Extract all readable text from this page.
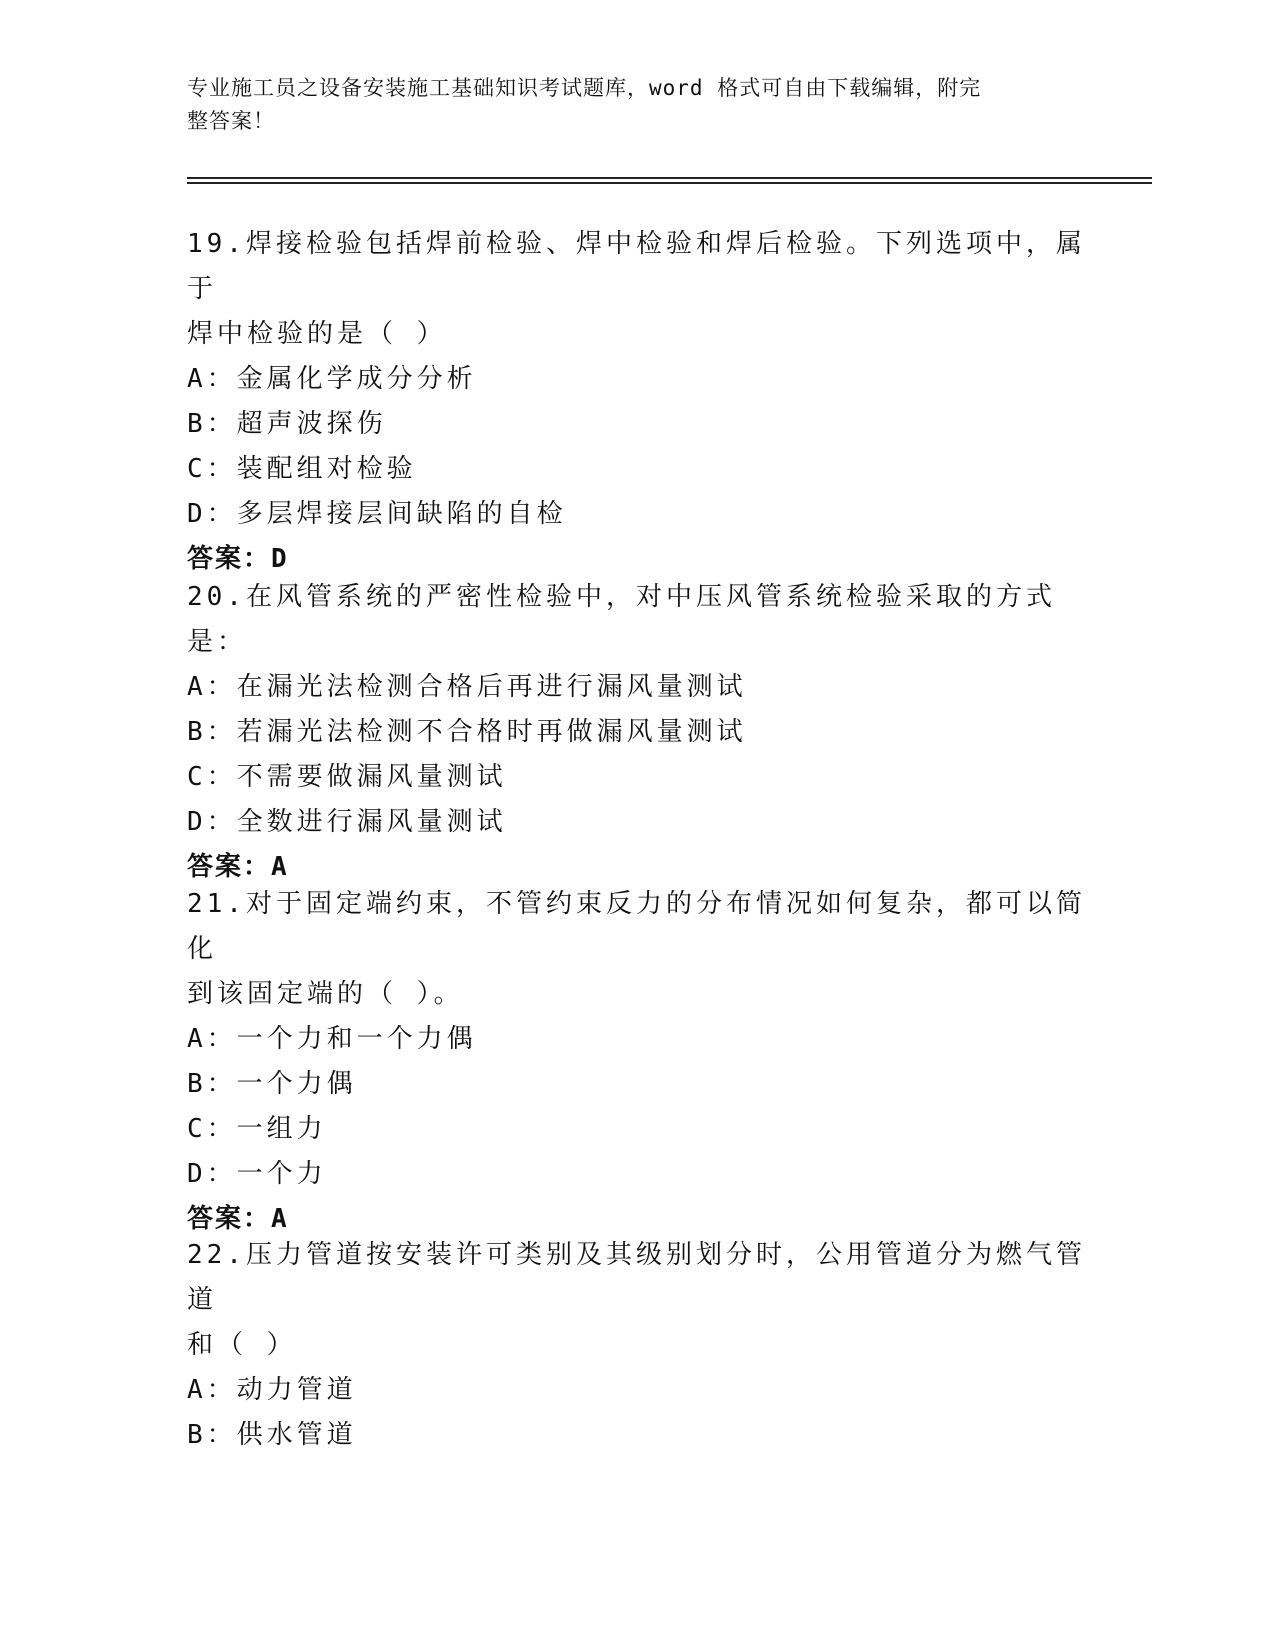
专业施工员之设备安装施工基础知识考试题库，word 格式可自由下载编辑，附完
整答案！
19.焊接检验包括焊前检验、焊中检验和焊后检验。下列选项中，属于
焊中检验的是（ ）
A：金属化学成分分析
B：超声波探伤
C：装配组对检验
D：多层焊接层间缺陷的自检
答案：D
20.在风管系统的严密性检验中，对中压风管系统检验采取的方式是：
A：在漏光法检测合格后再进行漏风量测试
B：若漏光法检测不合格时再做漏风量测试
C：不需要做漏风量测试
D：全数进行漏风量测试
答案：A
21.对于固定端约束，不管约束反力的分布情况如何复杂，都可以简化
到该固定端的（ ）。
A：一个力和一个力偶
B：一个力偶
C：一组力
D：一个力
答案：A
22.压力管道按安装许可类别及其级别划分时，公用管道分为燃气管道
和（ ）
A：动力管道
B：供水管道
